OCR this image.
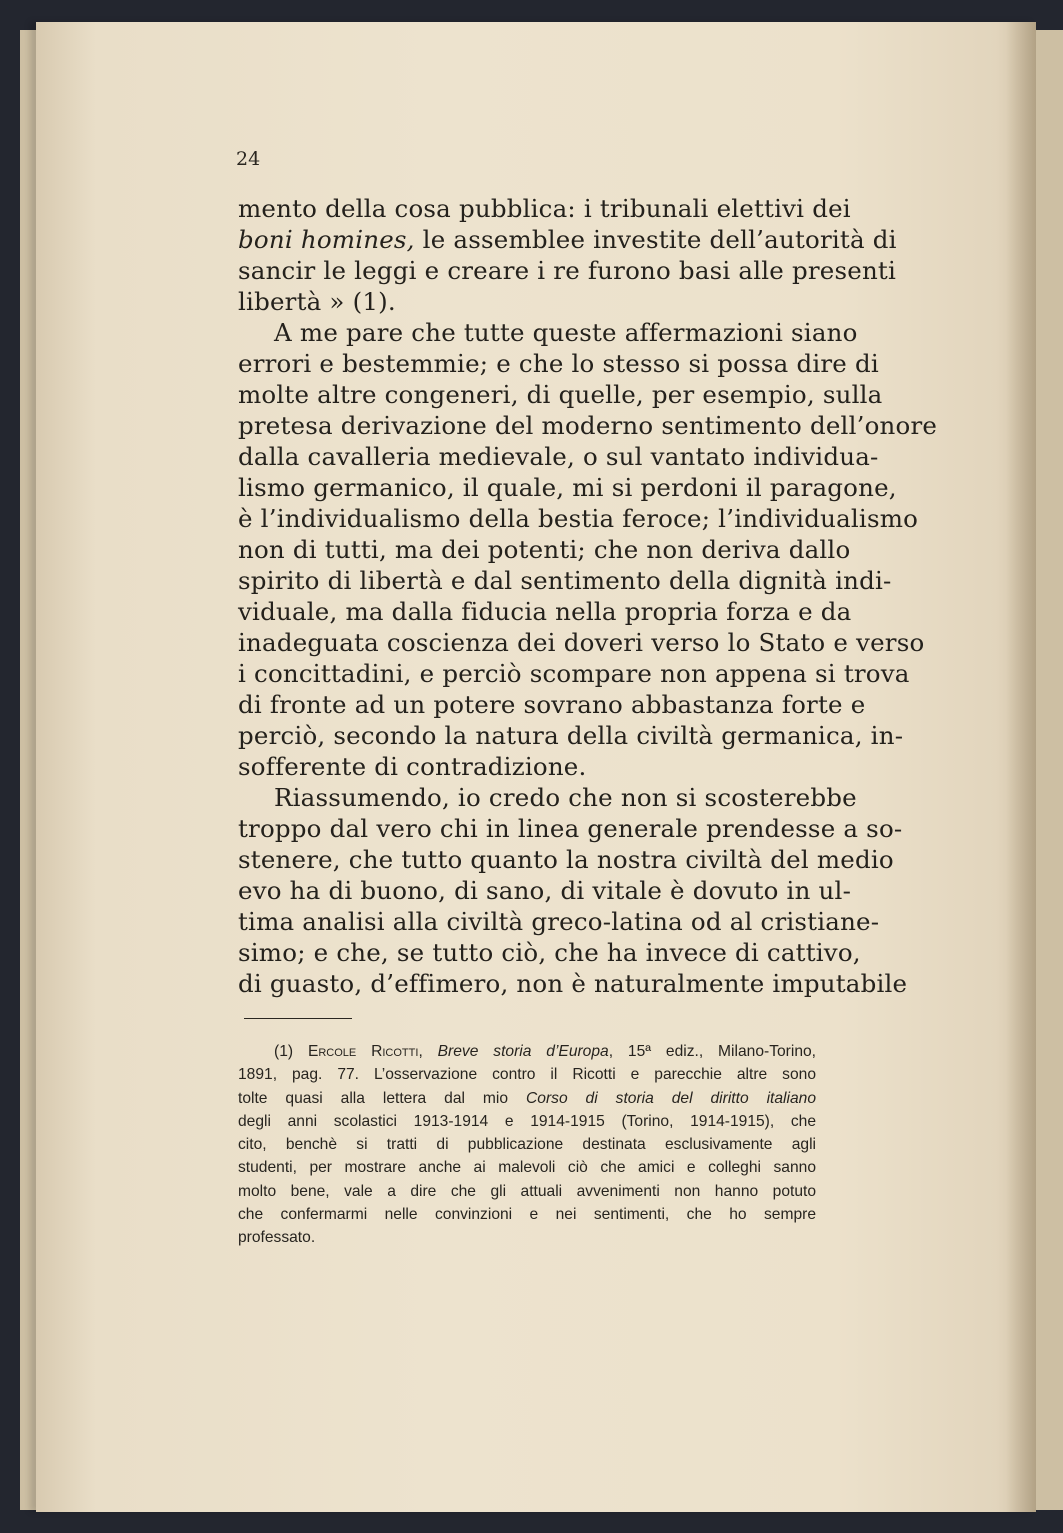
24
mento della cosa pubblica: i tribunali elettivi dei
boni homines, le assemblee investite dell’autorità di
sancir le leggi e creare i re furono basi alle presenti
libertà » (1).
A me pare che tutte queste affermazioni siano
errori e bestemmie; e che lo stesso si possa dire di
molte altre congeneri, di quelle, per esempio, sulla
pretesa derivazione del moderno sentimento dell’onore
dalla cavalleria medievale, o sul vantato individua-
lismo germanico, il quale, mi si perdoni il paragone,
è l’individualismo della bestia feroce; l’individualismo
non di tutti, ma dei potenti; che non deriva dallo
spirito di libertà e dal sentimento della dignità indi-
viduale, ma dalla fiducia nella propria forza e da
inadeguata coscienza dei doveri verso lo Stato e verso
i concittadini, e perciò scompare non appena si trova
di fronte ad un potere sovrano abbastanza forte e
perciò, secondo la natura della civiltà germanica, in-
sofferente di contradizione.
Riassumendo, io credo che non si scosterebbe
troppo dal vero chi in linea generale prendesse a so-
stenere, che tutto quanto la nostra civiltà del medio
evo ha di buono, di sano, di vitale è dovuto in ul-
tima analisi alla civiltà greco-latina od al cristiane-
simo; e che, se tutto ciò, che ha invece di cattivo,
di guasto, d’effimero, non è naturalmente imputabile
(1) Ercole Ricotti, Breve storia d’Europa, 15ª ediz., Milano-Torino,
1891, pag. 77. L’osservazione contro il Ricotti e parecchie altre sono
tolte quasi alla lettera dal mio Corso di storia del diritto italiano
degli anni scolastici 1913-1914 e 1914-1915 (Torino, 1914-1915), che
cito, benchè si tratti di pubblicazione destinata esclusivamente agli
studenti, per mostrare anche ai malevoli ciò che amici e colleghi sanno
molto bene, vale a dire che gli attuali avvenimenti non hanno potuto
che confermarmi nelle convinzioni e nei sentimenti, che ho sempre
professato.
